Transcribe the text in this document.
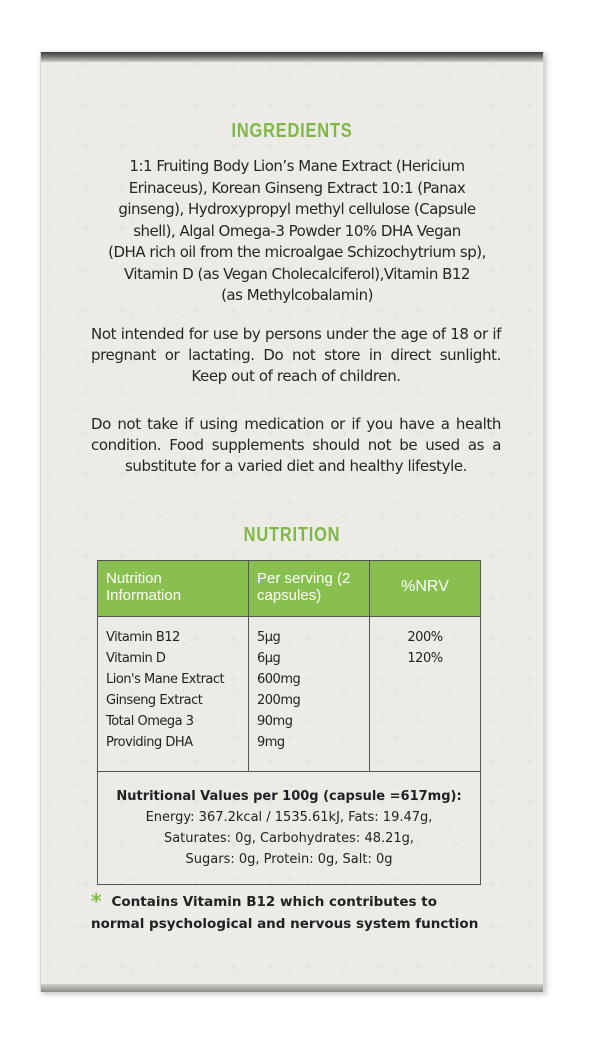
INGREDIENTS
1:1 Fruiting Body Lion’s Mane Extract (Hericium
Erinaceus), Korean Ginseng Extract 10:1 (Panax
ginseng), Hydroxypropyl methyl cellulose (Capsule
shell), Algal Omega-3 Powder 10% DHA Vegan
(DHA rich oil from the microalgae Schizochytrium sp),
Vitamin D (as Vegan Cholecalciferol),Vitamin B12
(as Methylcobalamin)
Not intended for use by persons under the age of 18 or if pregnant or lactating. Do not store in direct sunlight. Keep out of reach of children.
Do not take if using medication or if you have a health condition. Food supplements should not be used as a substitute for a varied diet and healthy lifestyle.
NUTRITION
Nutrition Information
Per serving (2 capsules)
%NRV
Vitamin B12
Vitamin D
Lion's Mane Extract
Ginseng Extract
Total Omega 3
Providing DHA
5µg
6µg
600mg
200mg
90mg
9mg
200%
120%
Nutritional Values per 100g (capsule =617mg):
Energy: 367.2kcal / 1535.61kJ, Fats: 19.47g,
Saturates: 0g, Carbohydrates: 48.21g,
Sugars: 0g, Protein: 0g, Salt: 0g
* Contains Vitamin B12 which contributes to
normal psychological and nervous system function
